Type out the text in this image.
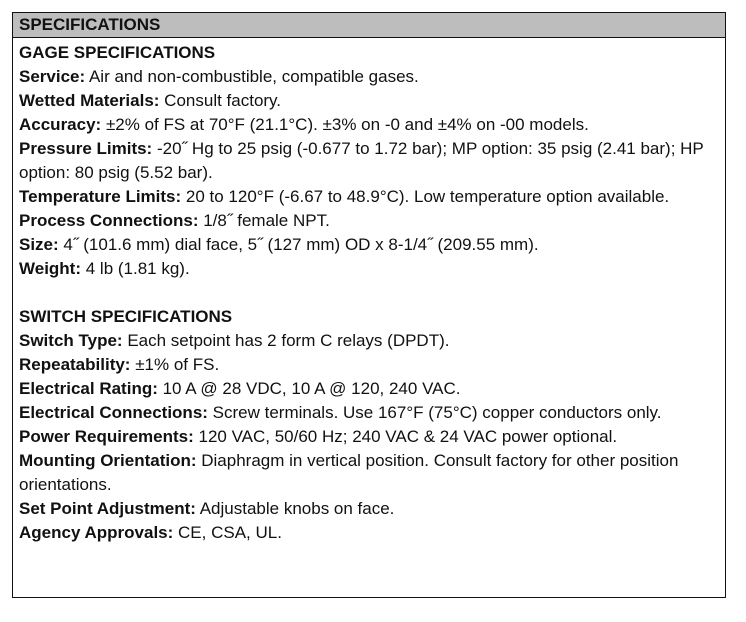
SPECIFICATIONS
GAGE SPECIFICATIONS

Service: Air and non-combustible, compatible gases.

Wetted Materials: Consult factory.

Accuracy: ±2% of FS at 70°F (21.1°C). ±3% on -0 and ±4% on -00 models.

Pressure Limits: -20˝ Hg to 25 psig (-0.677 to 1.72 bar); MP option: 35 psig (2.41 bar); HP option: 80 psig (5.52 bar).

Temperature Limits: 20 to 120°F (-6.67 to 48.9°C). Low temperature option available.

Process Connections: 1/8˝ female NPT.

Size: 4˝ (101.6 mm) dial face, 5˝ (127 mm) OD x 8-1/4˝ (209.55 mm).

Weight: 4 lb (1.81 kg).

SWITCH SPECIFICATIONS

Switch Type: Each setpoint has 2 form C relays (DPDT).

Repeatability: ±1% of FS.

Electrical Rating: 10 A @ 28 VDC, 10 A @ 120, 240 VAC.

Electrical Connections: Screw terminals. Use 167°F (75°C) copper conductors only.

Power Requirements: 120 VAC, 50/60 Hz; 240 VAC & 24 VAC power optional.

Mounting Orientation: Diaphragm in vertical position. Consult factory for other position orientations.

Set Point Adjustment: Adjustable knobs on face.

Agency Approvals: CE, CSA, UL.
